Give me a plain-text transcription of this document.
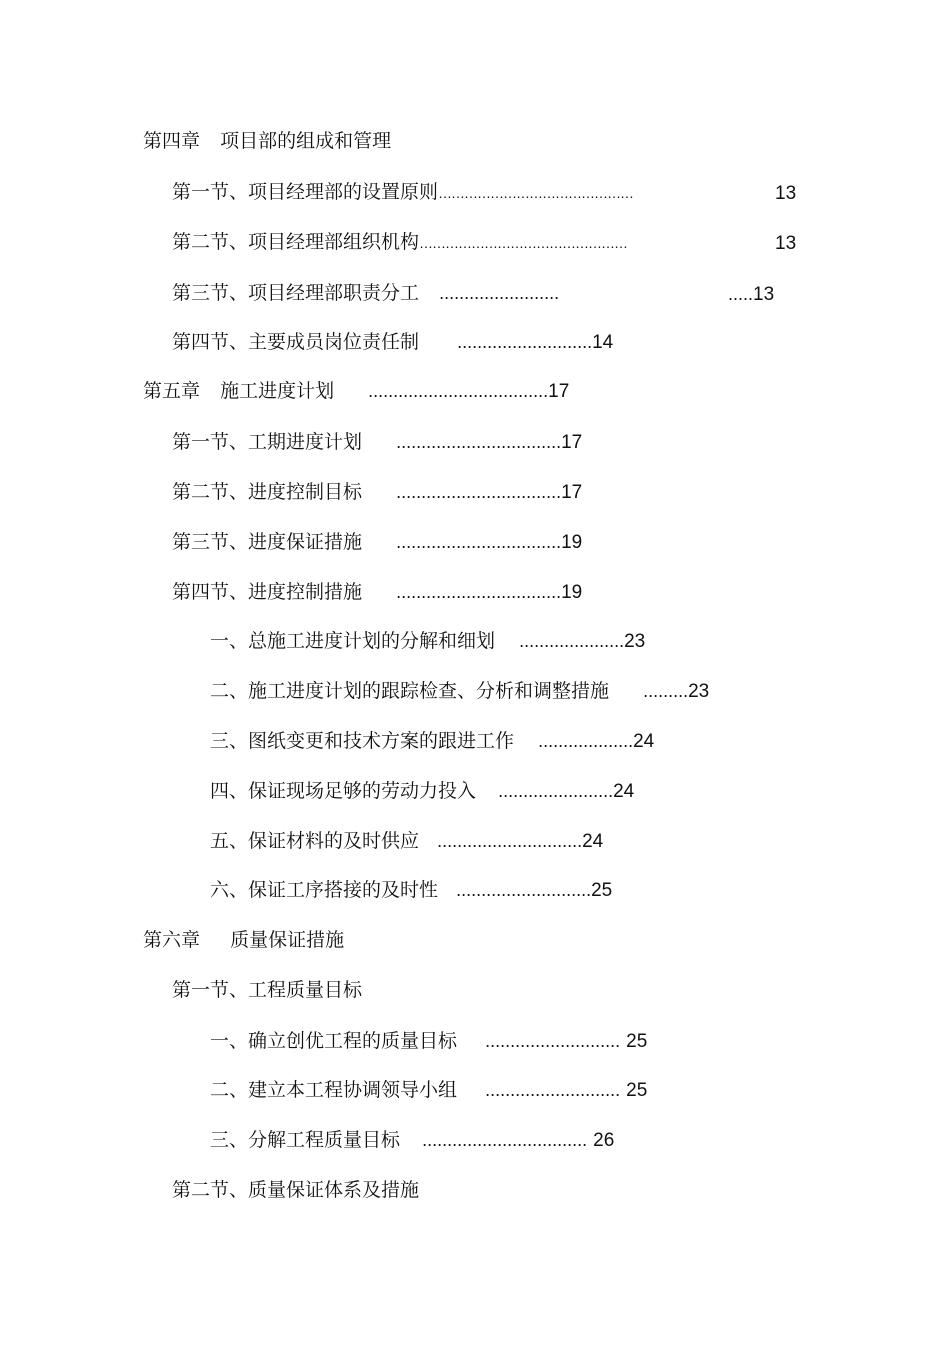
第四章 项目部的组成和管理
第一节、项目经理部的设置原则………………………………………	13
第二节、项目经理部组织机构…………………………………………	13
第三节、项目经理部职责分工 ........................	.....13
第四节、主要成员岗位责任制 ...........................14
第五章 施工进度计划 ....................................17
第一节、工期进度计划 .................................17
第二节、进度控制目标 .................................17
第三节、进度保证措施 .................................19
第四节、进度控制措施 .................................19
一、总施工进度计划的分解和细划 .....................23
二、施工进度计划的跟踪检查、分析和调整措施 .........23
三、图纸变更和技术方案的跟进工作 ...................24
四、保证现场足够的劳动力投入 .......................24
五、保证材料的及时供应 .............................24
六、保证工序搭接的及时性 ...........................25
第六章 质量保证措施
第一节、工程质量目标
一、确立创优工程的质量目标 ........................... 25
二、建立本工程协调领导小组 ........................... 25
三、分解工程质量目标 ................................. 26
第二节、质量保证体系及措施
